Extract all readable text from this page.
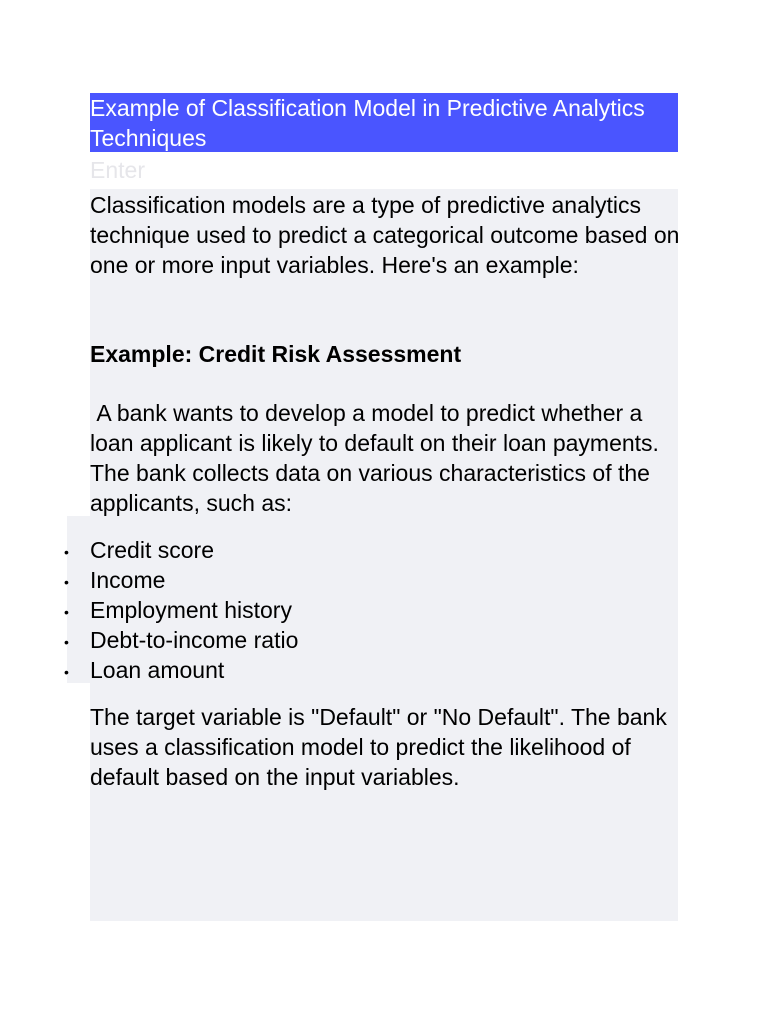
Example of Classification Model in Predictive Analytics Techniques
Enter

Classification models are a type of predictive analytics technique used to predict a categorical outcome based on one or more input variables. Here's an example:

Example: Credit Risk Assessment

A bank wants to develop a model to predict whether a loan applicant is likely to default on their loan payments. The bank collects data on various characteristics of the applicants, such as:

• Credit score
• Income
• Employment history
• Debt-to-income ratio
• Loan amount

The target variable is "Default" or "No Default". The bank uses a classification model to predict the likelihood of default based on the input variables.
